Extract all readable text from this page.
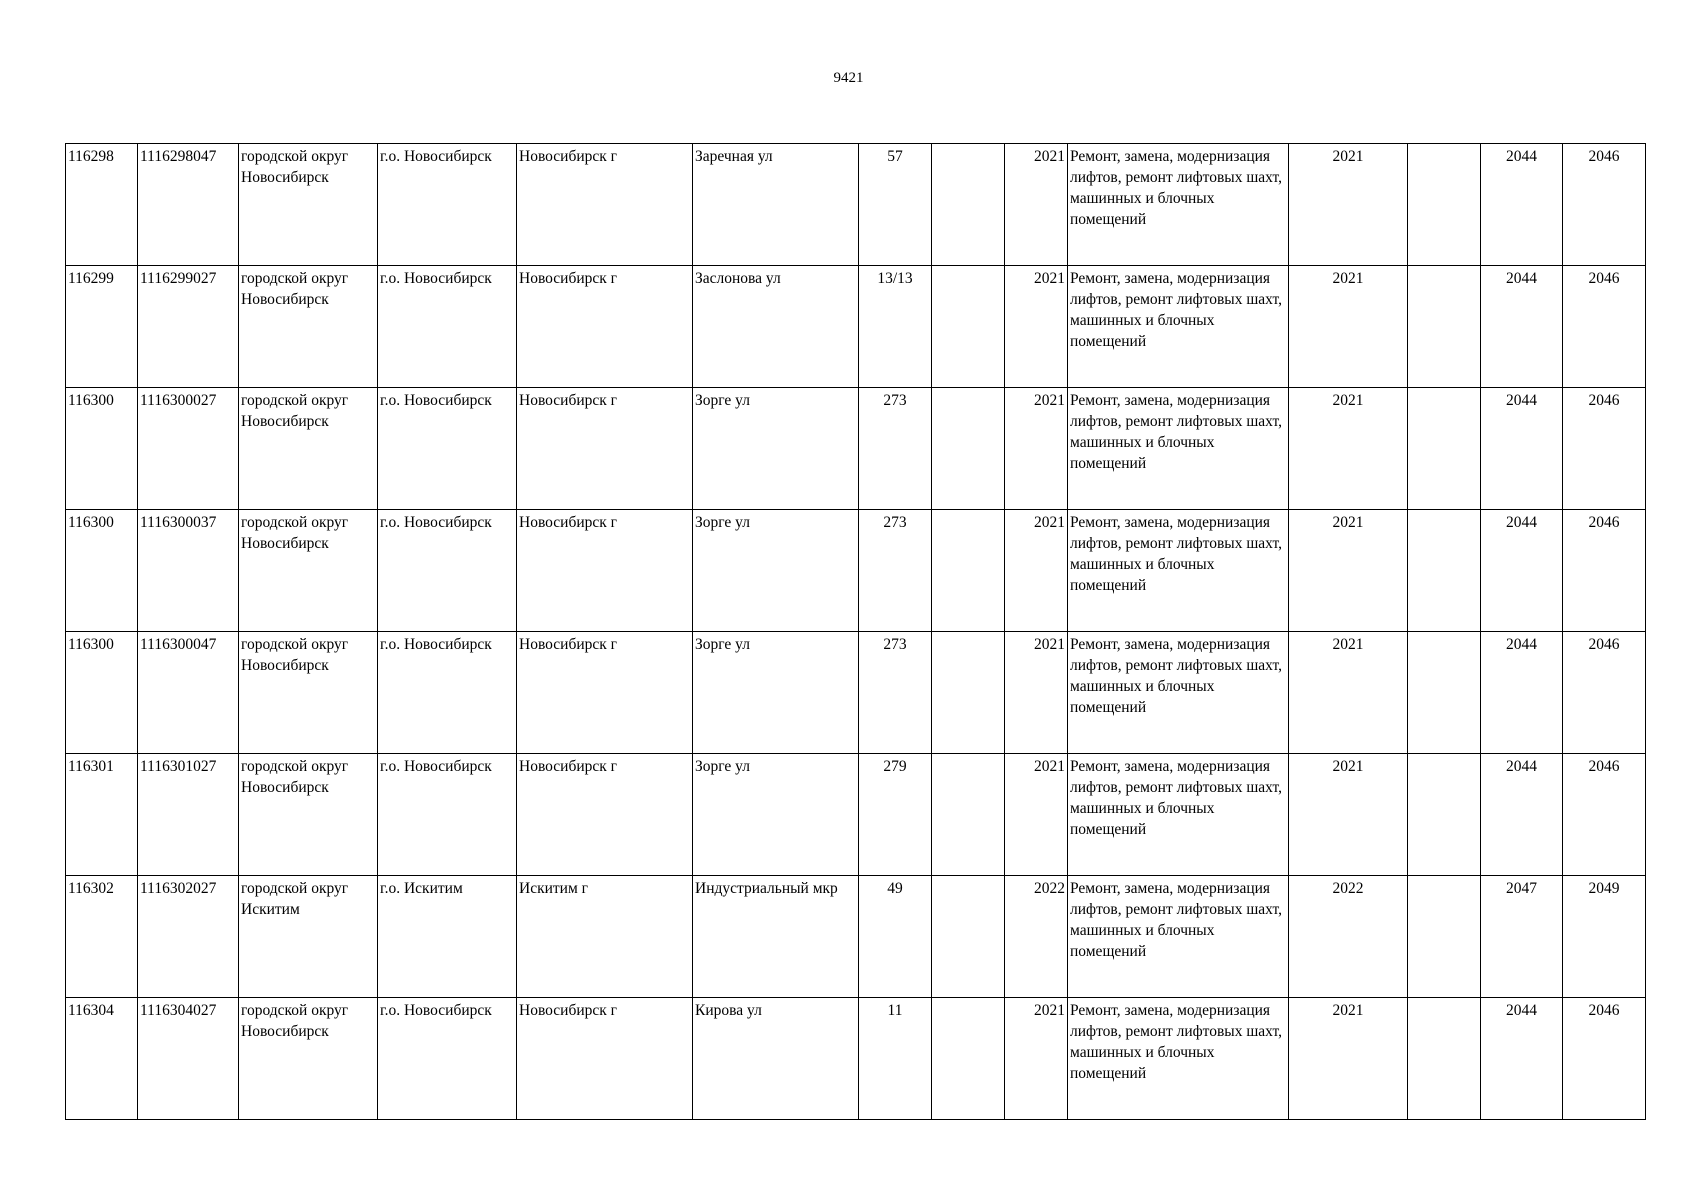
9421
116298	1116298047	городской округ Новосибирск	г.о. Новосибирск	Новосибирск г	Заречная ул	57		2021	Ремонт, замена, модернизация лифтов, ремонт лифтовых шахт, машинных и блочных помещений	2021		2044	2046
116299	1116299027	городской округ Новосибирск	г.о. Новосибирск	Новосибирск г	Заслонова ул	13/13		2021	Ремонт, замена, модернизация лифтов, ремонт лифтовых шахт, машинных и блочных помещений	2021		2044	2046
116300	1116300027	городской округ Новосибирск	г.о. Новосибирск	Новосибирск г	Зорге ул	273		2021	Ремонт, замена, модернизация лифтов, ремонт лифтовых шахт, машинных и блочных помещений	2021		2044	2046
116300	1116300037	городской округ Новосибирск	г.о. Новосибирск	Новосибирск г	Зорге ул	273		2021	Ремонт, замена, модернизация лифтов, ремонт лифтовых шахт, машинных и блочных помещений	2021		2044	2046
116300	1116300047	городской округ Новосибирск	г.о. Новосибирск	Новосибирск г	Зорге ул	273		2021	Ремонт, замена, модернизация лифтов, ремонт лифтовых шахт, машинных и блочных помещений	2021		2044	2046
116301	1116301027	городской округ Новосибирск	г.о. Новосибирск	Новосибирск г	Зорге ул	279		2021	Ремонт, замена, модернизация лифтов, ремонт лифтовых шахт, машинных и блочных помещений	2021		2044	2046
116302	1116302027	городской округ Искитим	г.о. Искитим	Искитим г	Индустриальный мкр	49		2022	Ремонт, замена, модернизация лифтов, ремонт лифтовых шахт, машинных и блочных помещений	2022		2047	2049
116304	1116304027	городской округ Новосибирск	г.о. Новосибирск	Новосибирск г	Кирова ул	11		2021	Ремонт, замена, модернизация лифтов, ремонт лифтовых шахт, машинных и блочных помещений	2021		2044	2046
